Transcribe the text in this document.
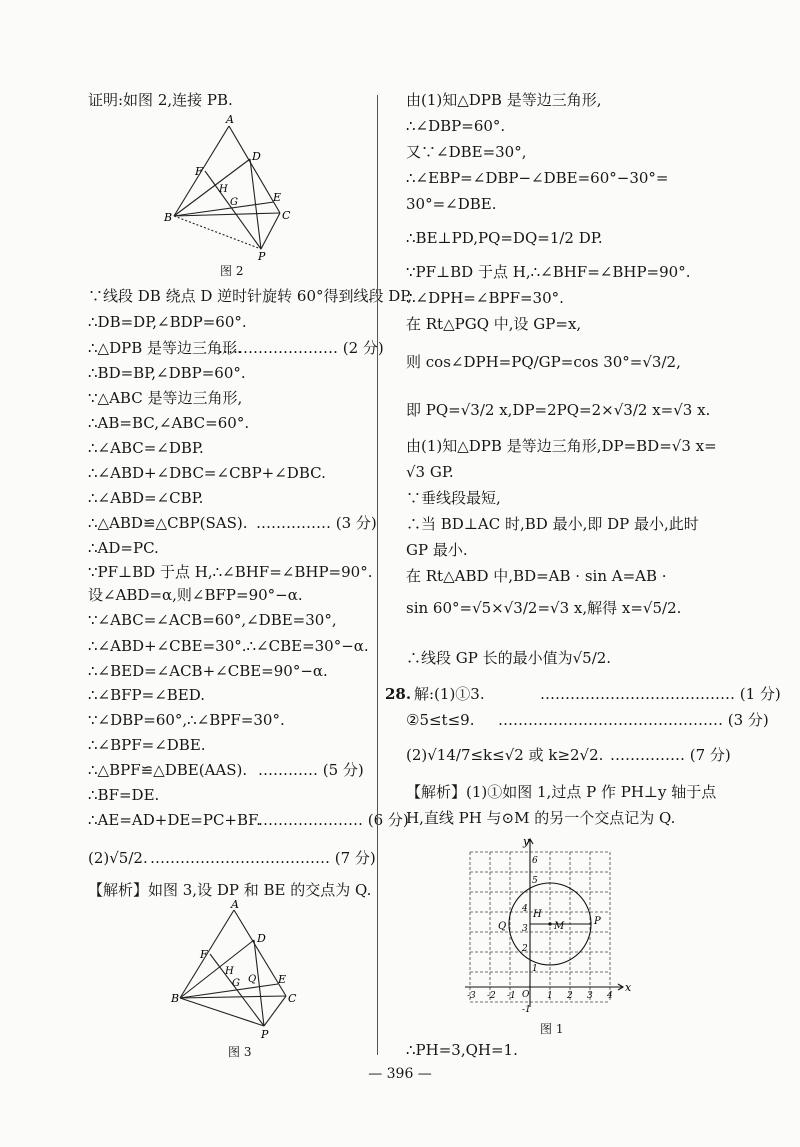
证明:如图 2,连接 PB.
A
D
F
H
G	E
C
B
P
图 2
∵线段 DB 绕点 D 逆时针旋转 60°得到线段 DP,
∴DB=DP,∠BDP=60°.
∴△DPB 是等边三角形.
…………………… (2 分)
∴BD=BP,∠DBP=60°.
∵△ABC 是等边三角形,
∴AB=BC,∠ABC=60°.
∴∠ABC=∠DBP.
∴∠ABD+∠DBC=∠CBP+∠DBC.
∴∠ABD=∠CBP.
∴△ABD≌△CBP(SAS). …………… (3 分)
∴AD=PC.
∵PF⊥BD 于点 H,∴∠BHF=∠BHP=90°.
设∠ABD=α,则∠BFP=90°−α.
∵∠ABC=∠ACB=60°,∠DBE=30°,
∴∠ABD+∠CBE=30°.∴∠CBE=30°−α.
∴∠BED=∠ACB+∠CBE=90°−α.
∴∠BFP=∠BED.
∵∠DBP=60°,∴∠BPF=30°.
∴∠BPF=∠DBE.
∴△BPF≌△DBE(AAS). ………… (5 分)
∴BF=DE.
∴AE=AD+DE=PC+BF.
………………… (6 分)
(2)√5/2. ……………………………… (7 分)
【解析】如图 3,设 DP 和 BE 的交点为 Q.
A
D
F
H
G Q E
C
B
P
图 3
由(1)知△DPB 是等边三角形,
∴∠DBP=60°.
又∵∠DBE=30°,
∴∠EBP=∠DBP−∠DBE=60°−30°=
30°=∠DBE.
∴BE⊥PD,PQ=DQ=1/2 DP.
∵PF⊥BD 于点 H,∴∠BHF=∠BHP=90°.
∴∠DPH=∠BPF=30°.
在 Rt△PGQ 中,设 GP=x,
则 cos∠DPH=PQ/GP=cos 30°=√3/2,
即 PQ=√3/2 x,DP=2PQ=2×√3/2 x=√3 x.
由(1)知△DPB 是等边三角形,DP=BD=√3 x=
√3 GP.
∵垂线段最短,
∴当 BD⊥AC 时,BD 最小,即 DP 最小,此时
GP 最小.
在 Rt△ABD 中,BD=AB · sin A=AB ·
sin 60°=√5×√3/2=√3 x,解得 x=√5/2.
∴线段 GP 长的最小值为√5/2.
28. 解:(1)①3.	………………………………… (1 分)
②5≤t≤9. ……………………………………… (3 分)
(2)√14/7≤k≤√2 或 k≥2√2. …………… (7 分)
【解析】(1)①如图 1,过点 P 作 PH⊥y 轴于点
H,直线 PH 与⊙M 的另一个交点记为 Q.
y
x
6
5
4
3
2
1
O
-3 -2 -1	1 2 3 4
-1
H
Q	M	P
图 1
∴PH=3,QH=1.
— 396 —
